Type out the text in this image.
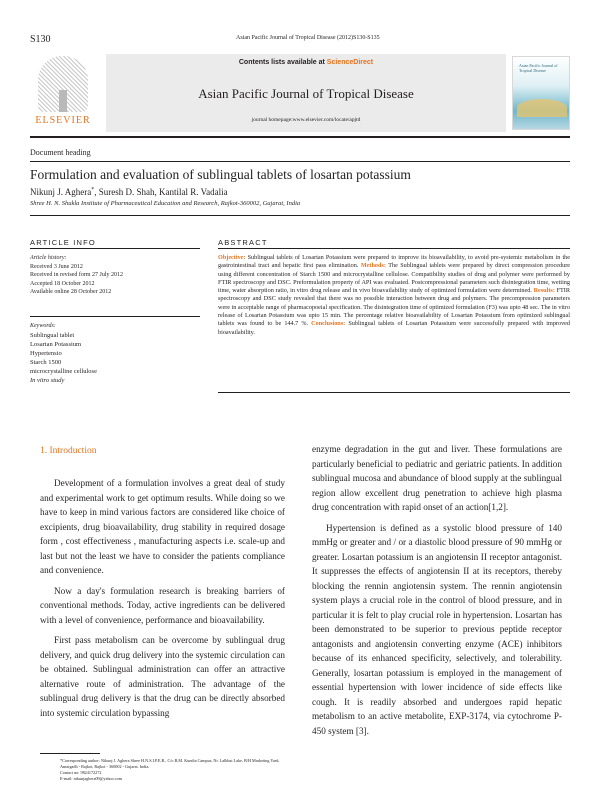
S130	Asian Pacific Journal of Tropical Disease (2012)S130-S135
ELSEVIER
Contents lists available at ScienceDirect
Asian Pacific Journal of Tropical Disease
journal homepage:www.elsevier.com/locate/apjtd
Asian Pacific Journal of Tropical Disease
Document heading
Formulation and evaluation of sublingual tablets of losartan potassium
Nikunj J. Aghera*, Suresh D. Shah, Kantilal R. Vadalia
Shree H. N. Shukla Institute of Pharmaceutical Education and Research, Rajkot-360002, Gujarat, India
ARTICLE INFO
Article history:
Received 3 June 2012
Received in revised form 27 July 2012
Accepted 18 October 2012
Available online 28 October 2012
Keywords:
Sublingual tablet
Losartan Potassium
Hypertensio
Starch 1500
microcrystalline cellulose
In vitro study
ABSTRACT
Objective: Sublingual tablets of Losartan Potassium were prepared to improve its bioavailability, to avoid pre-systemic metabolism in the gastrointestinal tract and hepatic first pass elimination. Methods: The Sublingual tablets were prepared by direct compression procedure using different concentration of Starch 1500 and microcrystalline cellulose. Compatibility studies of drug and polymer were performed by FTIR spectroscopy and DSC. Preformulation property of API was evaluated. Postcompressional parameters such disintegration time, wetting time, water absorption ratio, in vitro drug release and in vivo bioavailability study of optimized formulation were determined. Results: FTIR spectroscopy and DSC study revealed that there was no possible interaction between drug and polymers. The precompression parameters were in acceptable range of pharmacopoeial specification. The disintegration time of optimized formulation (F3) was upto 48 sec. The in vitro release of Losartan Potassium was upto 15 min. The percentage relative bioavailability of Losartan Potassium from optimized sublingual tablets was found to be 144.7 %. Conclusions: Sublingual tablets of Losartan Potassium were successfully prepared with improved bioavailability.
1. Introduction

Development of a formulation involves a great deal of study and experimental work to get optimum results. While doing so we have to keep in mind various factors are considered like choice of excipients, drug bioavailability, drug stability in required dosage form , cost effectiveness , manufacturing aspects i.e. scale-up and last but not the least we have to consider the patients compliance and convenience.

Now a day's formulation research is breaking barriers of conventional methods. Today, active ingredients can be delivered with a level of convenience, performance and bioavailability.

First pass metabolism can be overcome by sublingual drug delivery, and quick drug delivery into the systemic circulation can be obtained. Sublingual administration can offer an attractive alternative route of administration. The advantage of the sublingual drug delivery is that the drug can be directly absorbed into systemic circulation bypassing

enzyme degradation in the gut and liver. These formulations are particularly beneficial to pediatric and geriatric patients. In addition sublingual mucosa and abundance of blood supply at the sublingual region allow excellent drug penetration to achieve high plasma drug concentration with rapid onset of an action[1,2].

Hypertension is defined as a systolic blood pressure of 140 mmHg or greater and / or a diastolic blood pressure of 90 mmHg or greater. Losartan potassium is an angiotensin II receptor antagonist. It suppresses the effects of angiotensin II at its receptors, thereby blocking the rennin angiotensin system. The rennin angiotensin system plays a crucial role in the control of blood pressure, and in particular it is felt to play crucial role in hypertension. Losartan has been demonstrated to be superior to previous peptide receptor antagonists and angiotensin converting enzyme (ACE) inhibitors because of its enhanced specificity, selectively, and tolerability. Generally, losartan potassium is employed in the management of essential hypertension with lower incidence of side effects like cough. It is readily absorbed and undergoes rapid hepatic metabolism to an active metabolite, EXP-3174, via cytochrome P-450 system [3].

*Corresponding author: Nikunj J. Aghera Shree H.N.S.I.P.E.R., C/o B.M. Kundia Campus, Nr. Lalbhai Lake, B/H Marketing Yard, Amargadh - Rajkot, Rajkot - 360002 - Gujarat. India.
Contact no: 9824172272
E-mail: nikunjaghera09@yahoo.com
